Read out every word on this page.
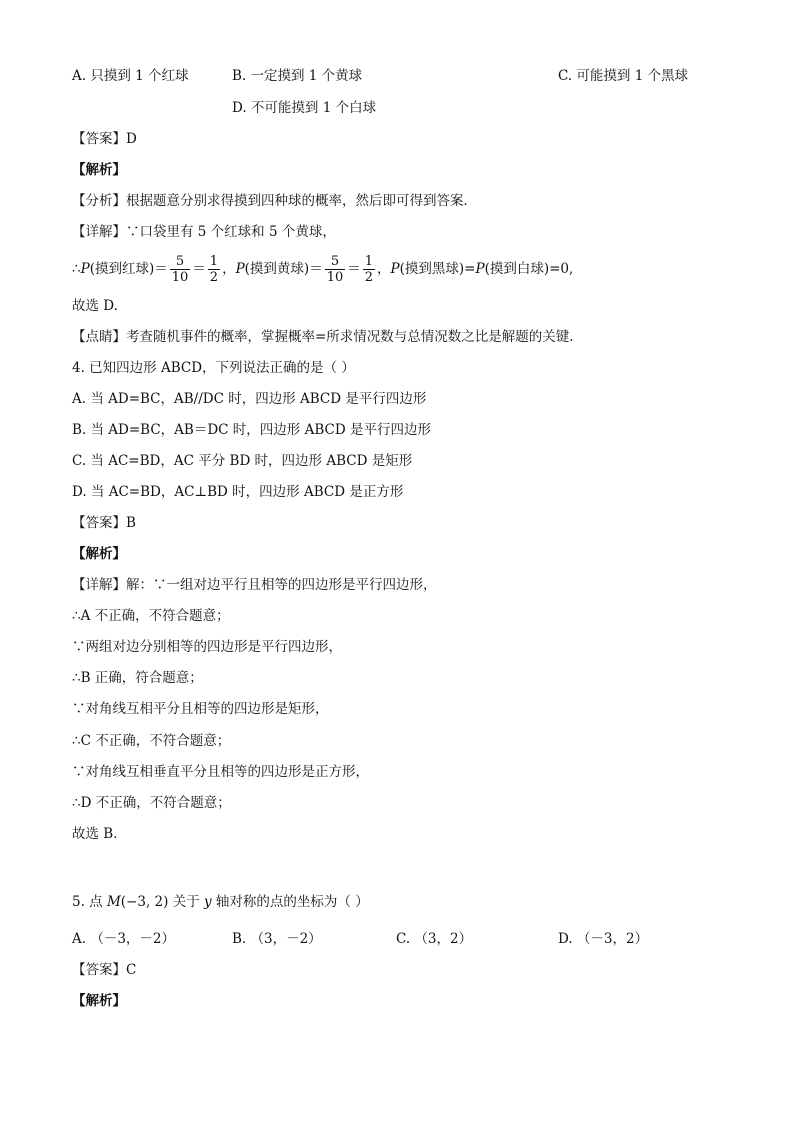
A. 只摸到 1 个红球	B. 一定摸到 1 个黄球	C. 可能摸到 1 个黑球
D. 不可能摸到 1 个白球
【答案】D
【解析】
【分析】根据题意分别求得摸到四种球的概率，然后即可得到答案．
【详解】∵口袋里有 5 个红球和 5 个黄球，
∴ P (摸到红球)＝ $\frac{5}{10} = \frac{1}{2}$ ， P (摸到黄球)＝ $\frac{5}{10} = \frac{1}{2}$ ， P (摸到黑球)= P (摸到白球)=0,
故选 D.
【点睛】考查随机事件的概率，掌握概率=所求情况数与总情况数之比是解题的关键.
4. 已知四边形 ABCD，下列说法正确的是（ ）
A. 当 AD=BC，AB//DC 时，四边形 ABCD 是平行四边形
B. 当 AD=BC，AB＝DC 时，四边形 ABCD 是平行四边形
C. 当 AC=BD，AC 平分 BD 时，四边形 ABCD 是矩形
D. 当 AC=BD，AC⊥BD 时，四边形 ABCD 是正方形
【答案】B
【解析】
【详解】解：∵一组对边平行且相等的四边形是平行四边形，
∴A 不正确，不符合题意；
∵两组对边分别相等的四边形是平行四边形，
∴B 正确，符合题意；
∵对角线互相平分且相等的四边形是矩形，
∴C 不正确，不符合题意；
∵对角线互相垂直平分且相等的四边形是正方形，
∴D 不正确，不符合题意；
故选 B．
5. 点 M(−3, 2) 关于 y 轴对称的点的坐标为（ ）
A. （－3，－2）	B. （3，－2）	C. （3，2）	D. （－3，2）
【答案】C
【解析】
